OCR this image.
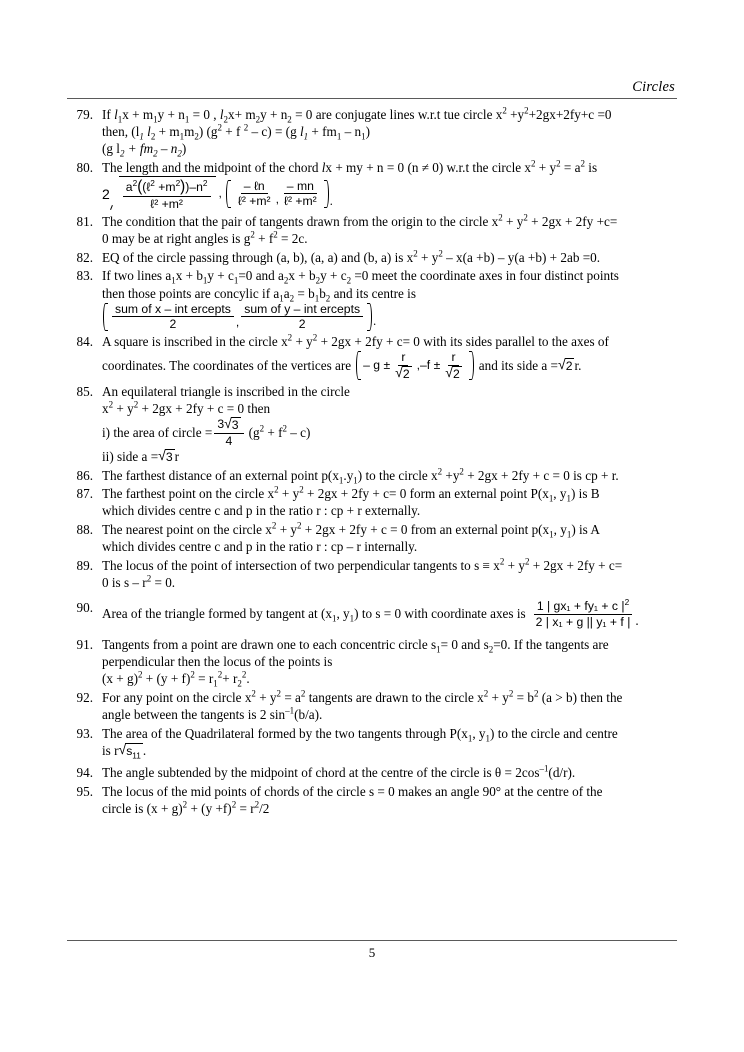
Circles
79. If $l_1x + m_1y + n_1 = 0$ , $l_2x+ m_2y + n_2 = 0$ are conjugate lines w.r.t tue circle $x^2 +y^2+2gx+2fy+c =0$

then, ($l_1$ $l_2 + m_1m_2$) ($g^2 + f$ $^2$ – c) = (g $l_1 + fm_1 - n_1$)

(g $l_2 + fm_2 - n_2$)

80. The length and the midpoint of the chord lx + my + n = 0 (n ≠ 0) w.r.t the circle $x^2 + y^2 = a^2$ is

$2 \frac{a^2((\ell^2 +m^2))-n^2}{\text{ℓ² +m²}}$ , $\frac{\text{– ℓn}}{\text{ℓ² +m²}}$ , $\frac{- mn}{\text{ℓ² +m²}}$ .

81. The condition that the pair of tangents drawn from the origin to the circle $x^2 + y^2 + 2gx + 2fy +c=$

0 may be at right angles is $g^2 + f^2 = 2c$.

82. EQ of the circle passing through (a, b), (a, a) and (b, a) is $x^2 + y^2 - x(a +b) - y(a +b) + 2ab =0$.

83. If two lines $a_1x + b_1y + c_1=0$ and $a_2x + b_2y + c_2 =0$ meet the coordinate axes in four distinct points

then those points are concylic if $a_1a_2 = b_1b_2$ and its centre is

$\frac{\text{sum of x – int ercepts}}{2}$ , $\frac{\text{sum of y – int ercepts}}{2}$ .

84. A square is inscribed in the circle $x^2 + y^2 + 2gx + 2fy + c= 0$ with its sides parallel to the axes of

coordinates. The coordinates of the vertices are – $g \pm \frac{r}{√ 2} ,-f \pm \frac{r}{√ 2}$ and its side a = √ 2 r.

85. An equilateral triangle is inscribed in the circle

$x^2 + y^2 + 2gx + 2fy + c = 0$ then

i) the area of circle = $\frac{3 √ 3}{4} (g^2 + f^2 - c)$

ii) side a = √ 3 r

86. The farthest distance of an external point $p(x_1.y_1)$ to the circle $x^2 +y^2 + 2gx + 2fy + c = 0$ is cp + r.

87. The farthest point on the circle $x^2 + y^2 + 2gx + 2fy + c= 0$ form an external point $P(x_1$, $y_1$) is B

which divides centre c and p in the ratio r : cp + r externally.

88. The nearest point on the circle $x^2 + y^2 + 2gx + 2fy + c = 0$ from an external point $p(x_1$, $y_1$) is A

which divides centre c and p in the ratio r : cp – r internally.

89. The locus of the point of intersection of two perpendicular tangents to $s \equiv x^2 + y^2 + 2gx + 2fy + c=$

0 is $s - r^2 = 0$.

90. Area of the triangle formed by tangent at ($x_1$, $y_1$) to s = 0 with coordinate axes is $\frac{1 | gx_1 + fy_1 + c |^2}{\text{2 | x₁ + g || y₁ + f |}}$ .

91. Tangents from a point are drawn one to each concentric circle $s_1= 0$ and $s_2=0$. If the tangents are

perpendicular then the locus of the points is

$(x + g)^2 + (y + f)^2 = r_1^2+ r_2^2$.

92. For any point on the circle $x^2 + y^2 = a^2$ tangents are drawn to the circle $x^2 + y^2 = b^2$ (a > b) then the

angle between the tangents is 2 $\sin^{-1}(b/a)$.

93. The area of the Quadrilateral formed by the two tangents through $P(x_1$, $y_1$) to the circle and centre

is r √ $s_{11}$ .

94. The angle subtended by the midpoint of chord at the centre of the circle is $\theta = 2\cos^{-1}(d/r)$.

95. The locus of the mid points of chords of the circle s = 0 makes an angle 90° at the centre of the

circle is $(x + g)^2 + (y +f)^2 = r^2/2$

5
